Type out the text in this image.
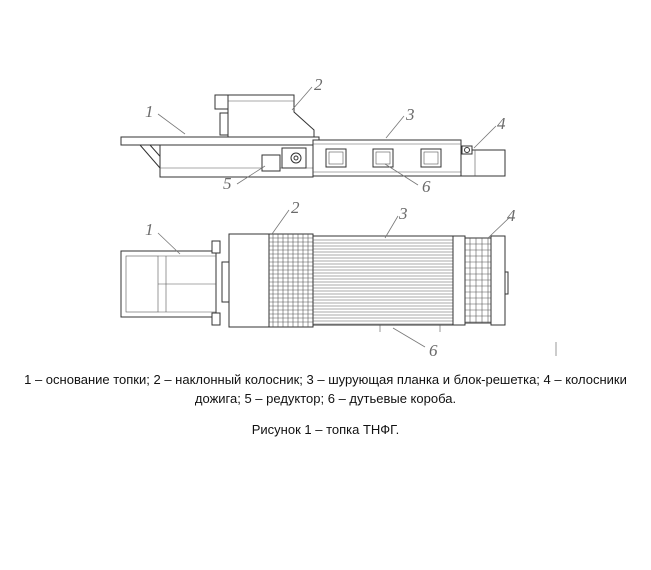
1
2
3	4
5	6
1
2	3	4
6
1 – основание топки; 2 – наклонный колосник; 3 – шурующая планка и блок-решетка; 4 – колосники дожига; 5 – редуктор; 6 – дутьевые короба.
Рисунок 1 – топка ТНФГ.
